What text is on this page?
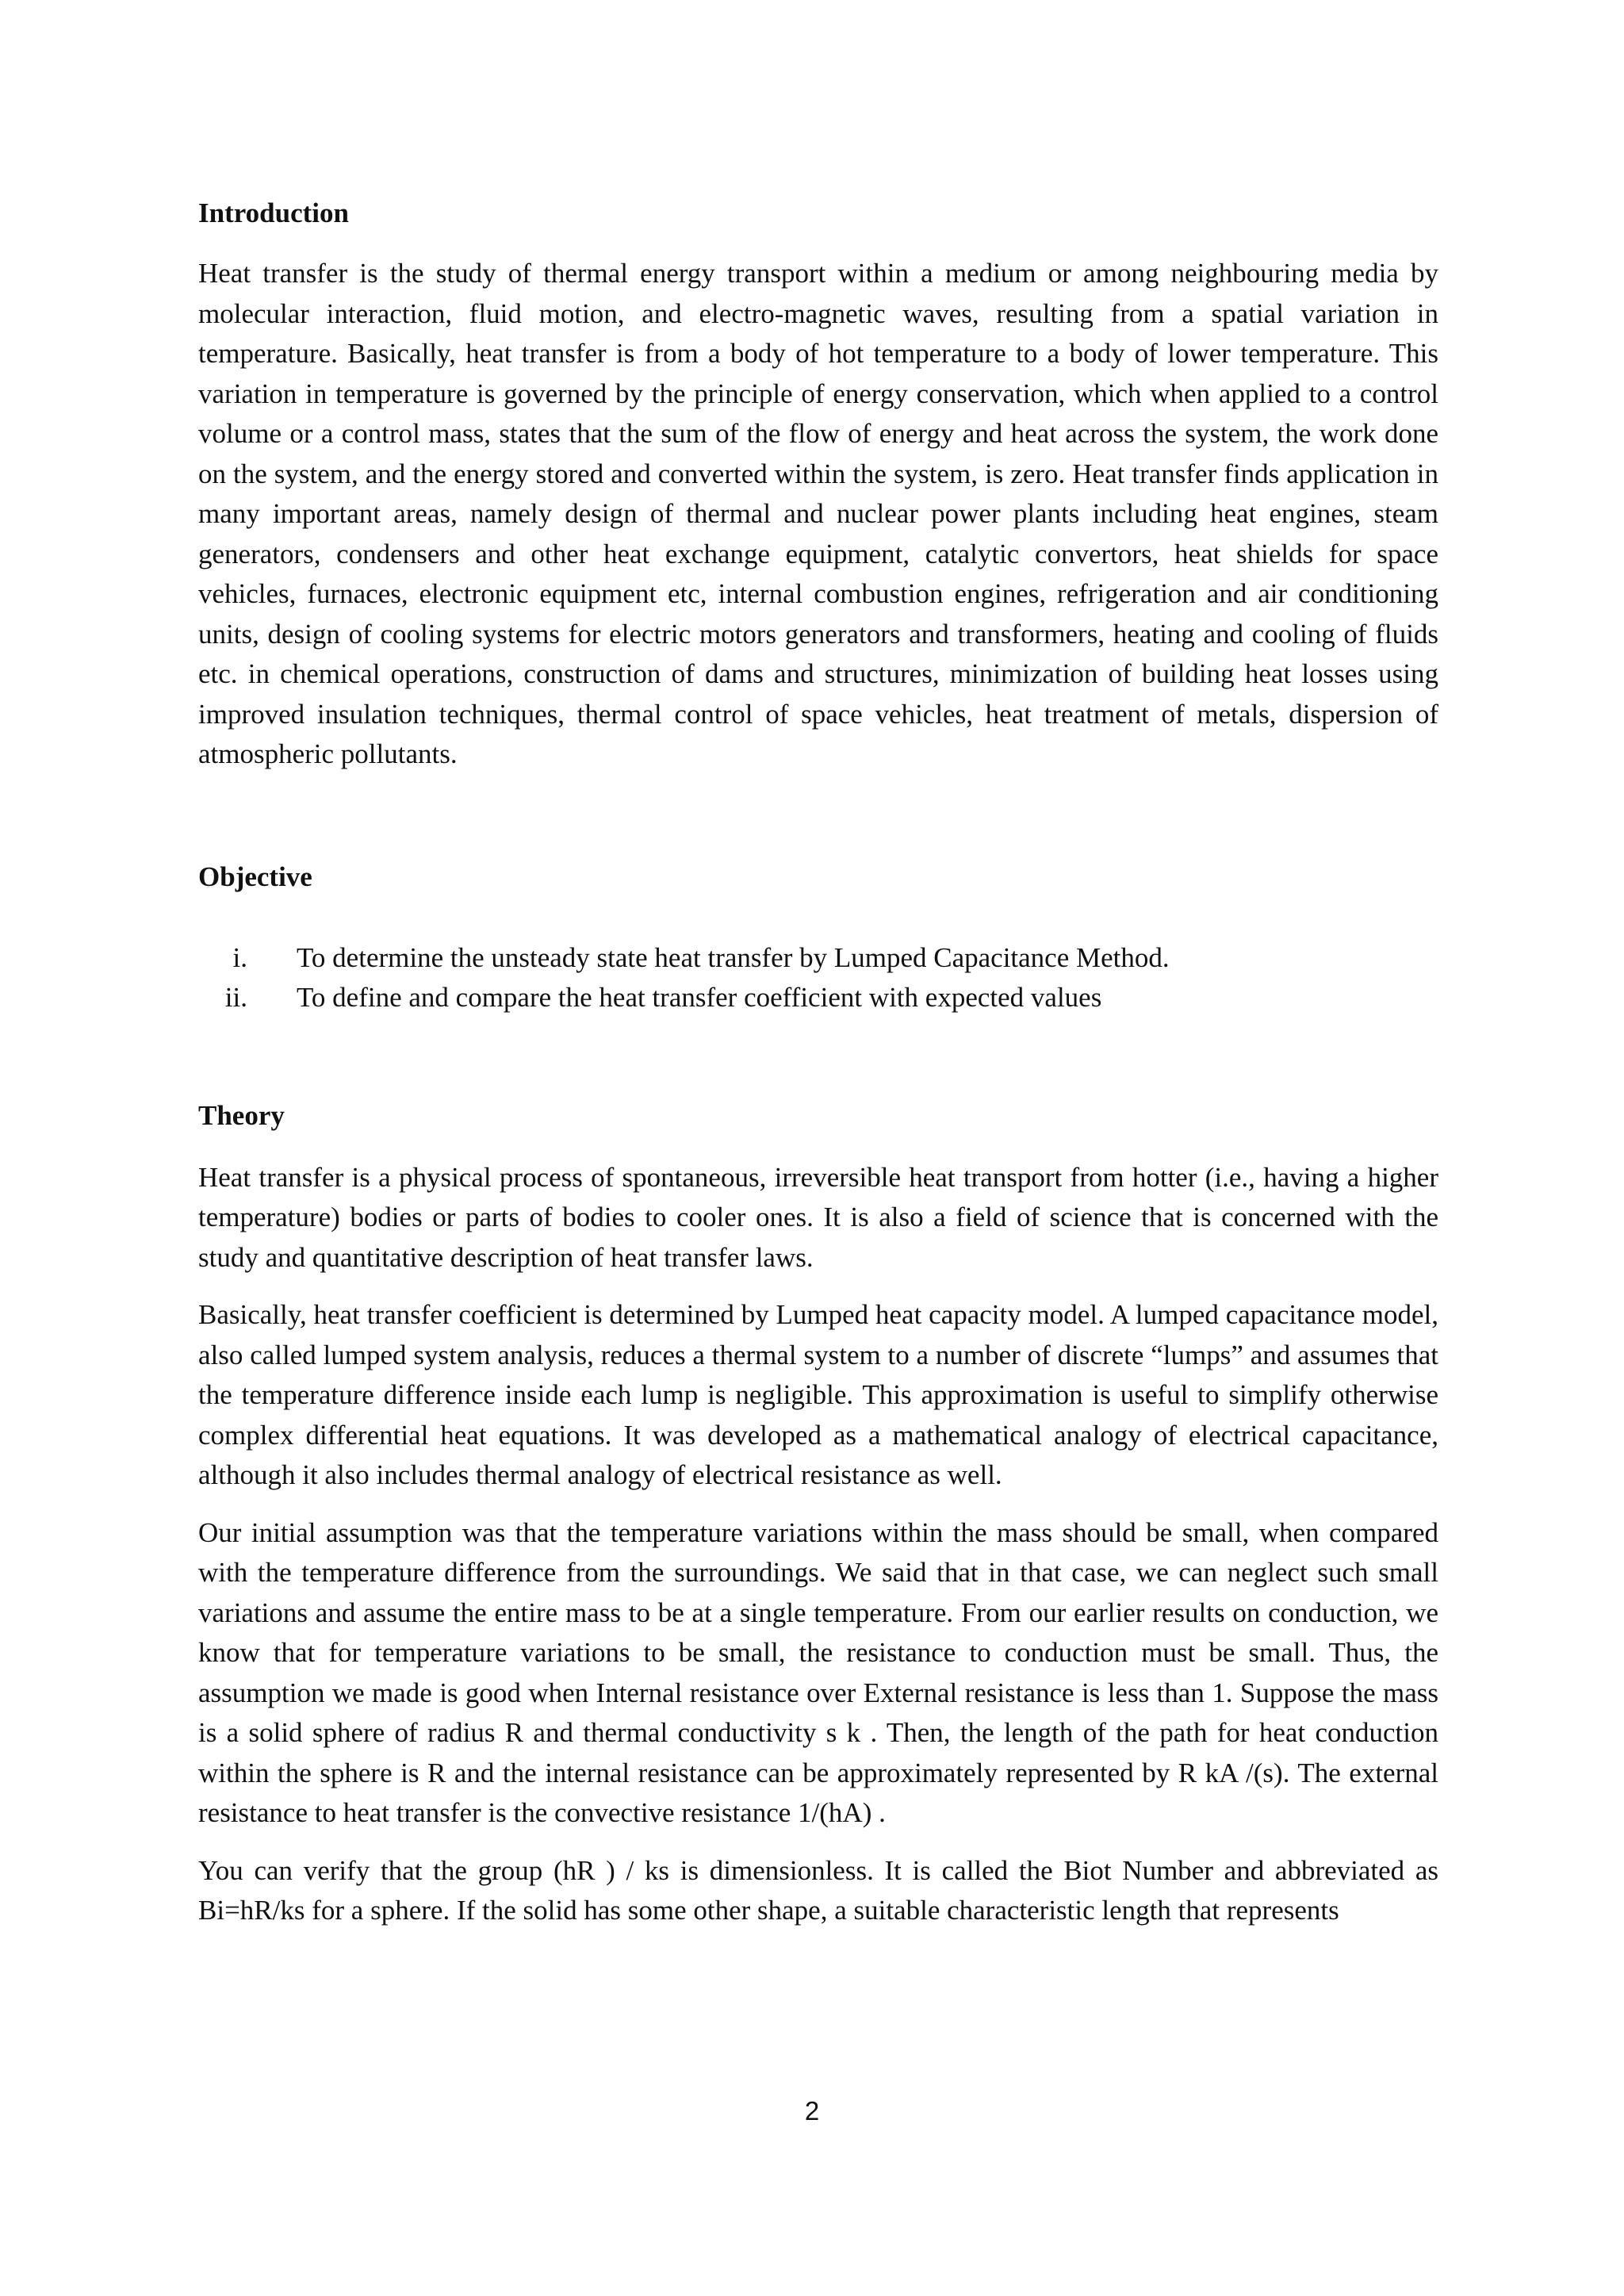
Introduction

Heat transfer is the study of thermal energy transport within a medium or among neighbouring media by molecular interaction, fluid motion, and electro-magnetic waves, resulting from a spatial variation in temperature. Basically, heat transfer is from a body of hot temperature to a body of lower temperature. This variation in temperature is governed by the principle of energy conservation, which when applied to a control volume or a control mass, states that the sum of the flow of energy and heat across the system, the work done on the system, and the energy stored and converted within the system, is zero. Heat transfer finds application in many important areas, namely design of thermal and nuclear power plants including heat engines, steam generators, condensers and other heat exchange equipment, catalytic convertors, heat shields for space vehicles, furnaces, electronic equipment etc, internal combustion engines, refrigeration and air conditioning units, design of cooling systems for electric motors generators and transformers, heating and cooling of fluids etc. in chemical operations, construction of dams and structures, minimization of building heat losses using improved insulation techniques, thermal control of space vehicles, heat treatment of metals, dispersion of atmospheric pollutants.

Objective
i. To determine the unsteady state heat transfer by Lumped Capacitance Method.
ii. To define and compare the heat transfer coefficient with expected values
Theory

Heat transfer is a physical process of spontaneous, irreversible heat transport from hotter (i.e., having a higher temperature) bodies or parts of bodies to cooler ones. It is also a field of science that is concerned with the study and quantitative description of heat transfer laws.

Basically, heat transfer coefficient is determined by Lumped heat capacity model. A lumped capacitance model, also called lumped system analysis, reduces a thermal system to a number of discrete “lumps” and assumes that the temperature difference inside each lump is negligible. This approximation is useful to simplify otherwise complex differential heat equations. It was developed as a mathematical analogy of electrical capacitance, although it also includes thermal analogy of electrical resistance as well.

Our initial assumption was that the temperature variations within the mass should be small, when compared with the temperature difference from the surroundings. We said that in that case, we can neglect such small variations and assume the entire mass to be at a single temperature. From our earlier results on conduction, we know that for temperature variations to be small, the resistance to conduction must be small. Thus, the assumption we made is good when Internal resistance over External resistance is less than 1. Suppose the mass is a solid sphere of radius R and thermal conductivity s k . Then, the length of the path for heat conduction within the sphere is R and the internal resistance can be approximately represented by R kA /(s). The external resistance to heat transfer is the convective resistance 1/(hA) .

You can verify that the group (hR ) / ks is dimensionless. It is called the Biot Number and abbreviated as Bi=hR/ks for a sphere. If the solid has some other shape, a suitable characteristic length that represents

2
